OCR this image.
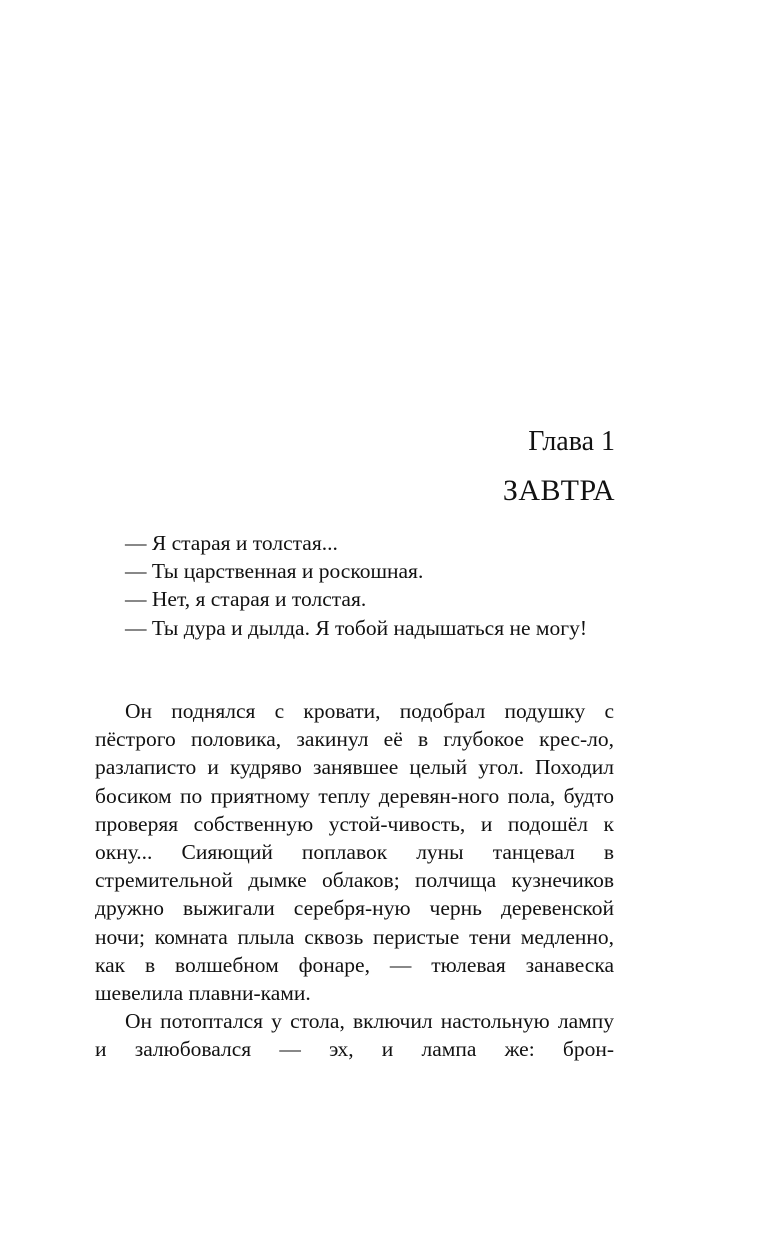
Глава 1
ЗАВТРА

— Я старая и толстая...

— Ты царственная и роскошная.

— Нет, я старая и толстая.

— Ты дура и дылда. Я тобой надышаться не могу!

Он поднялся с кровати, подобрал подушку с пёстрого половика, закинул её в глубокое крес-ло, разлаписто и кудряво занявшее целый угол. Походил босиком по приятному теплу деревян-ного пола, будто проверяя собственную устой-чивость, и подошёл к окну... Сияющий поплавок луны танцевал в стремительной дымке облаков; полчища кузнечиков дружно выжигали серебря-ную чернь деревенской ночи; комната плыла сквозь перистые тени медленно, как в волшебном фонаре, — тюлевая занавеска шевелила плавни-ками.

Он потоптался у стола, включил настольную лампу и залюбовался — эх, и лампа же: брон-
